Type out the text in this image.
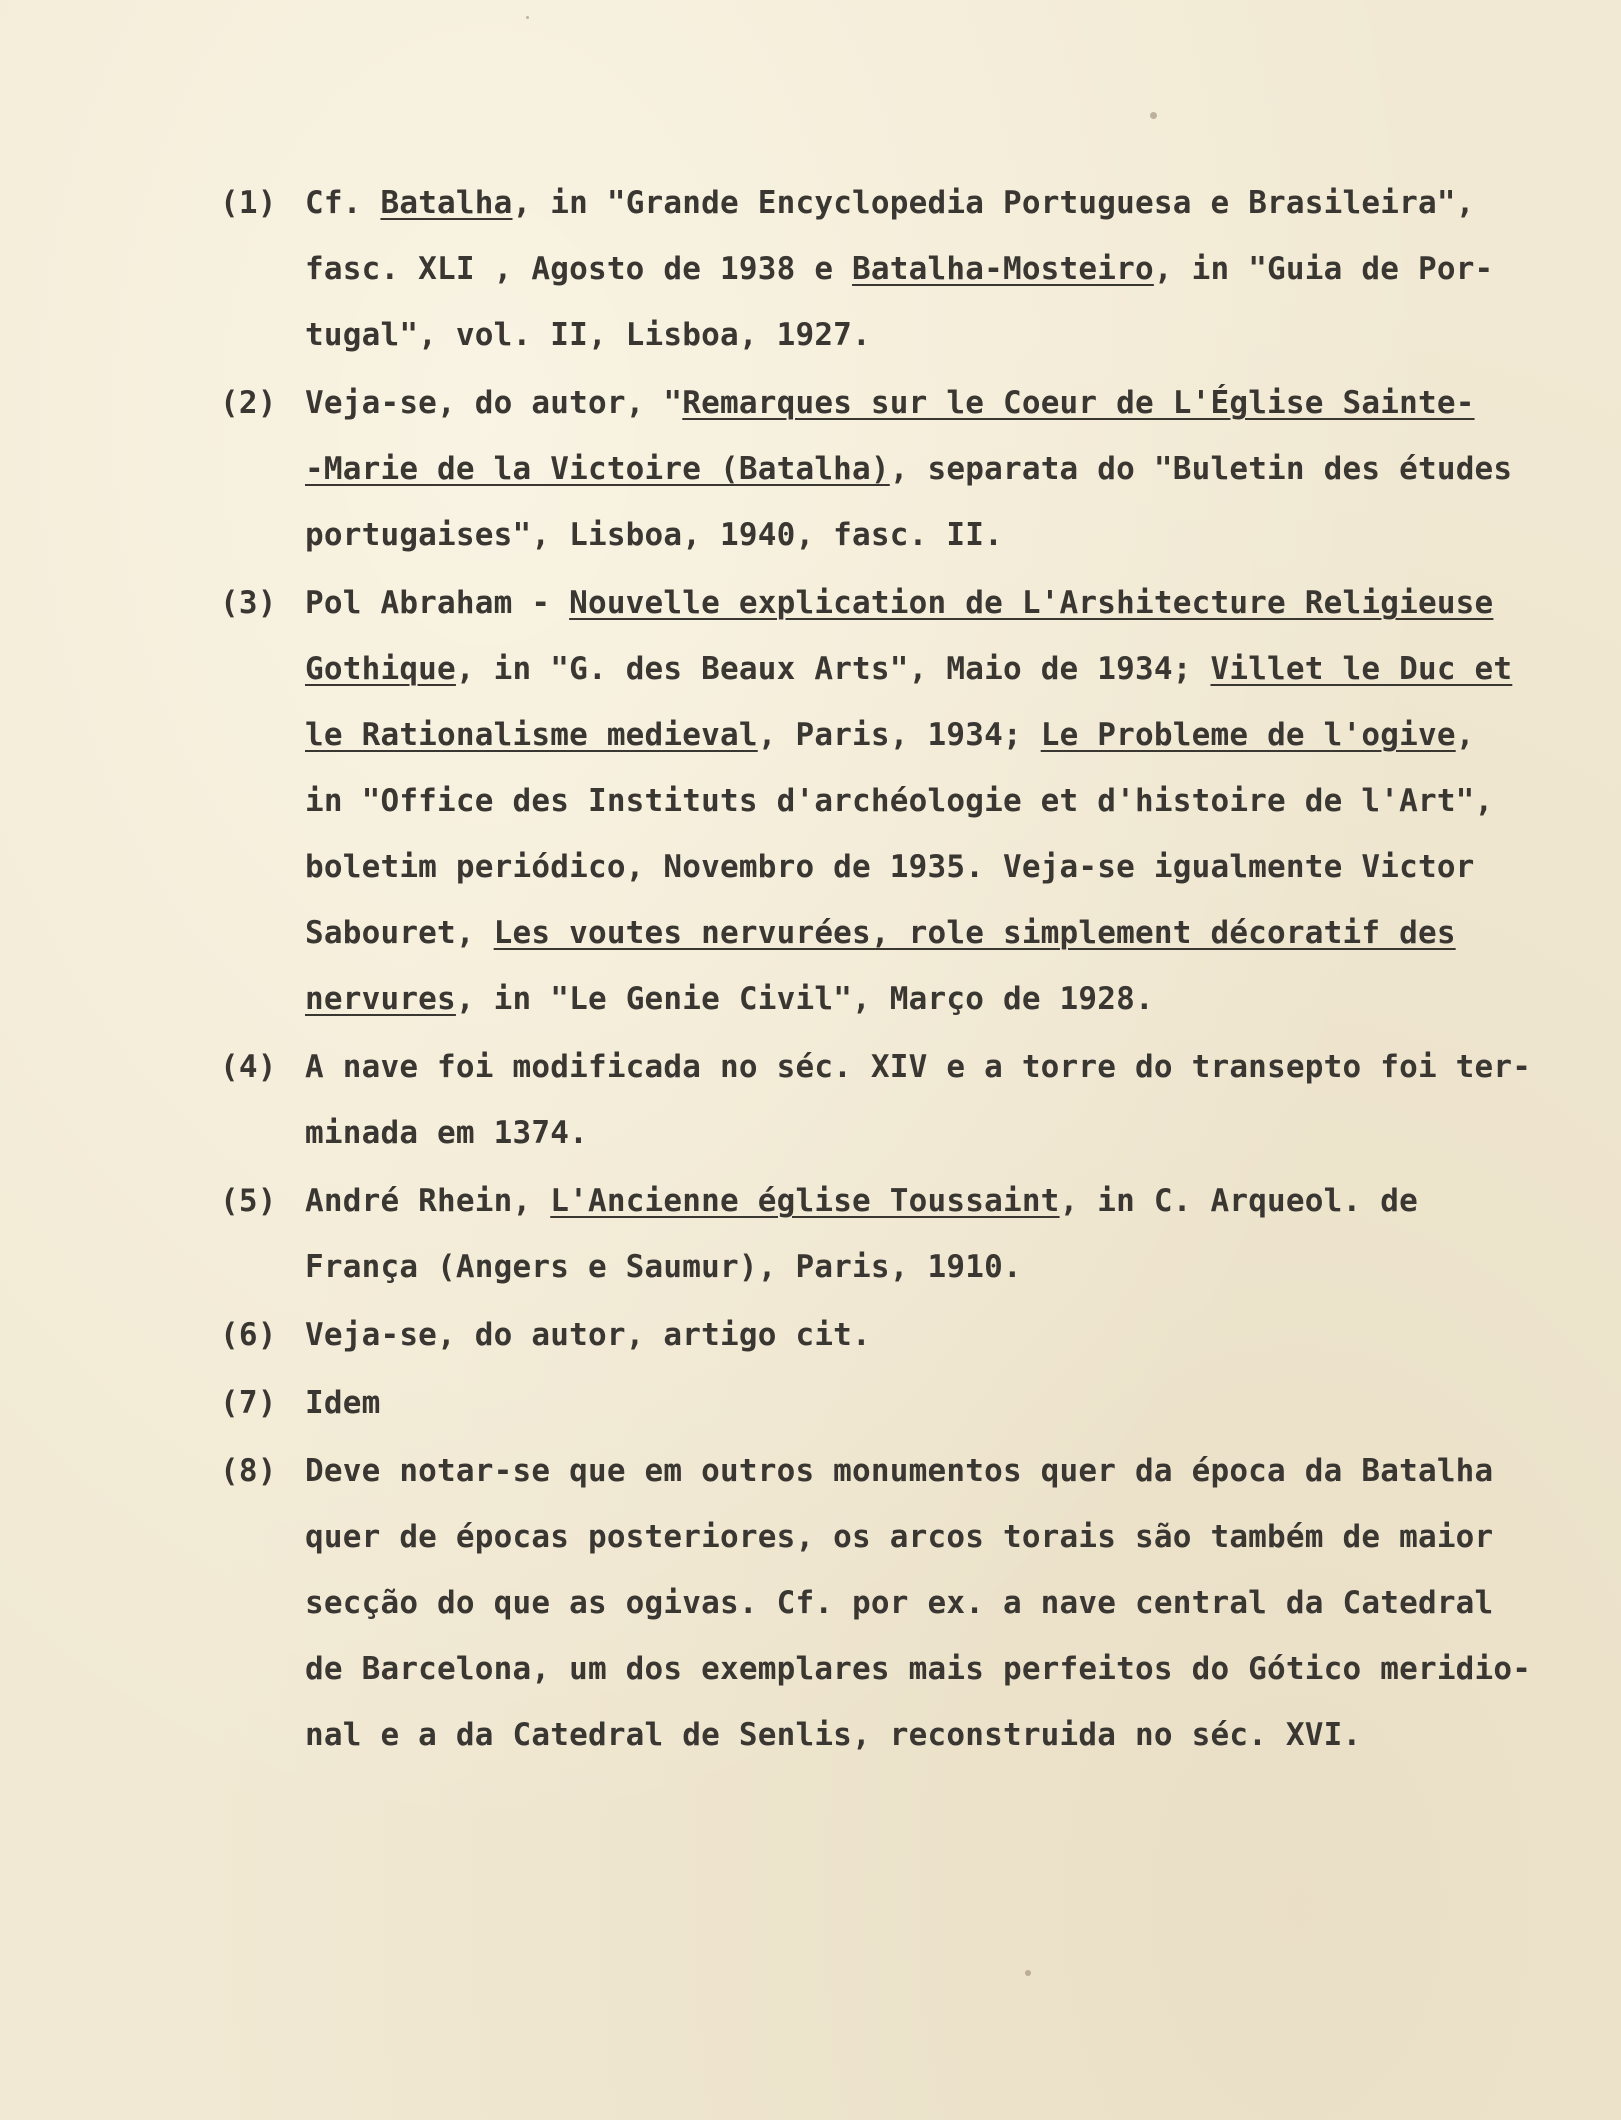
(1) Cf. Batalha, in "Grande Encyclopedia Portuguesa e Brasileira",
fasc. XLI , Agosto de 1938 e Batalha-Mosteiro, in "Guia de Por-
tugal", vol. II, Lisboa, 1927.
(2) Veja-se, do autor, "Remarques sur le Coeur de L'Église Sainte-
-Marie de la Victoire (Batalha), separata do "Buletin des études
portugaises", Lisboa, 1940, fasc. II.
(3) Pol Abraham - Nouvelle explication de L'Arshitecture Religieuse
Gothique, in "G. des Beaux Arts", Maio de 1934; Villet le Duc et
le Rationalisme medieval, Paris, 1934; Le Probleme de l'ogive,
in "Office des Instituts d'archéologie et d'histoire de l'Art",
boletim periódico, Novembro de 1935. Veja-se igualmente Victor
Sabouret, Les voutes nervurées, role simplement décoratif des
nervures, in "Le Genie Civil", Março de 1928.
(4) A nave foi modificada no séc. XIV e a torre do transepto foi ter-
minada em 1374.
(5) André Rhein, L'Ancienne église Toussaint, in C. Arqueol. de
França (Angers e Saumur), Paris, 1910.
(6) Veja-se, do autor, artigo cit.
(7) Idem
(8) Deve notar-se que em outros monumentos quer da época da Batalha
quer de épocas posteriores, os arcos torais são também de maior
secção do que as ogivas. Cf. por ex. a nave central da Catedral
de Barcelona, um dos exemplares mais perfeitos do Gótico meridio-
nal e a da Catedral de Senlis, reconstruida no séc. XVI.
